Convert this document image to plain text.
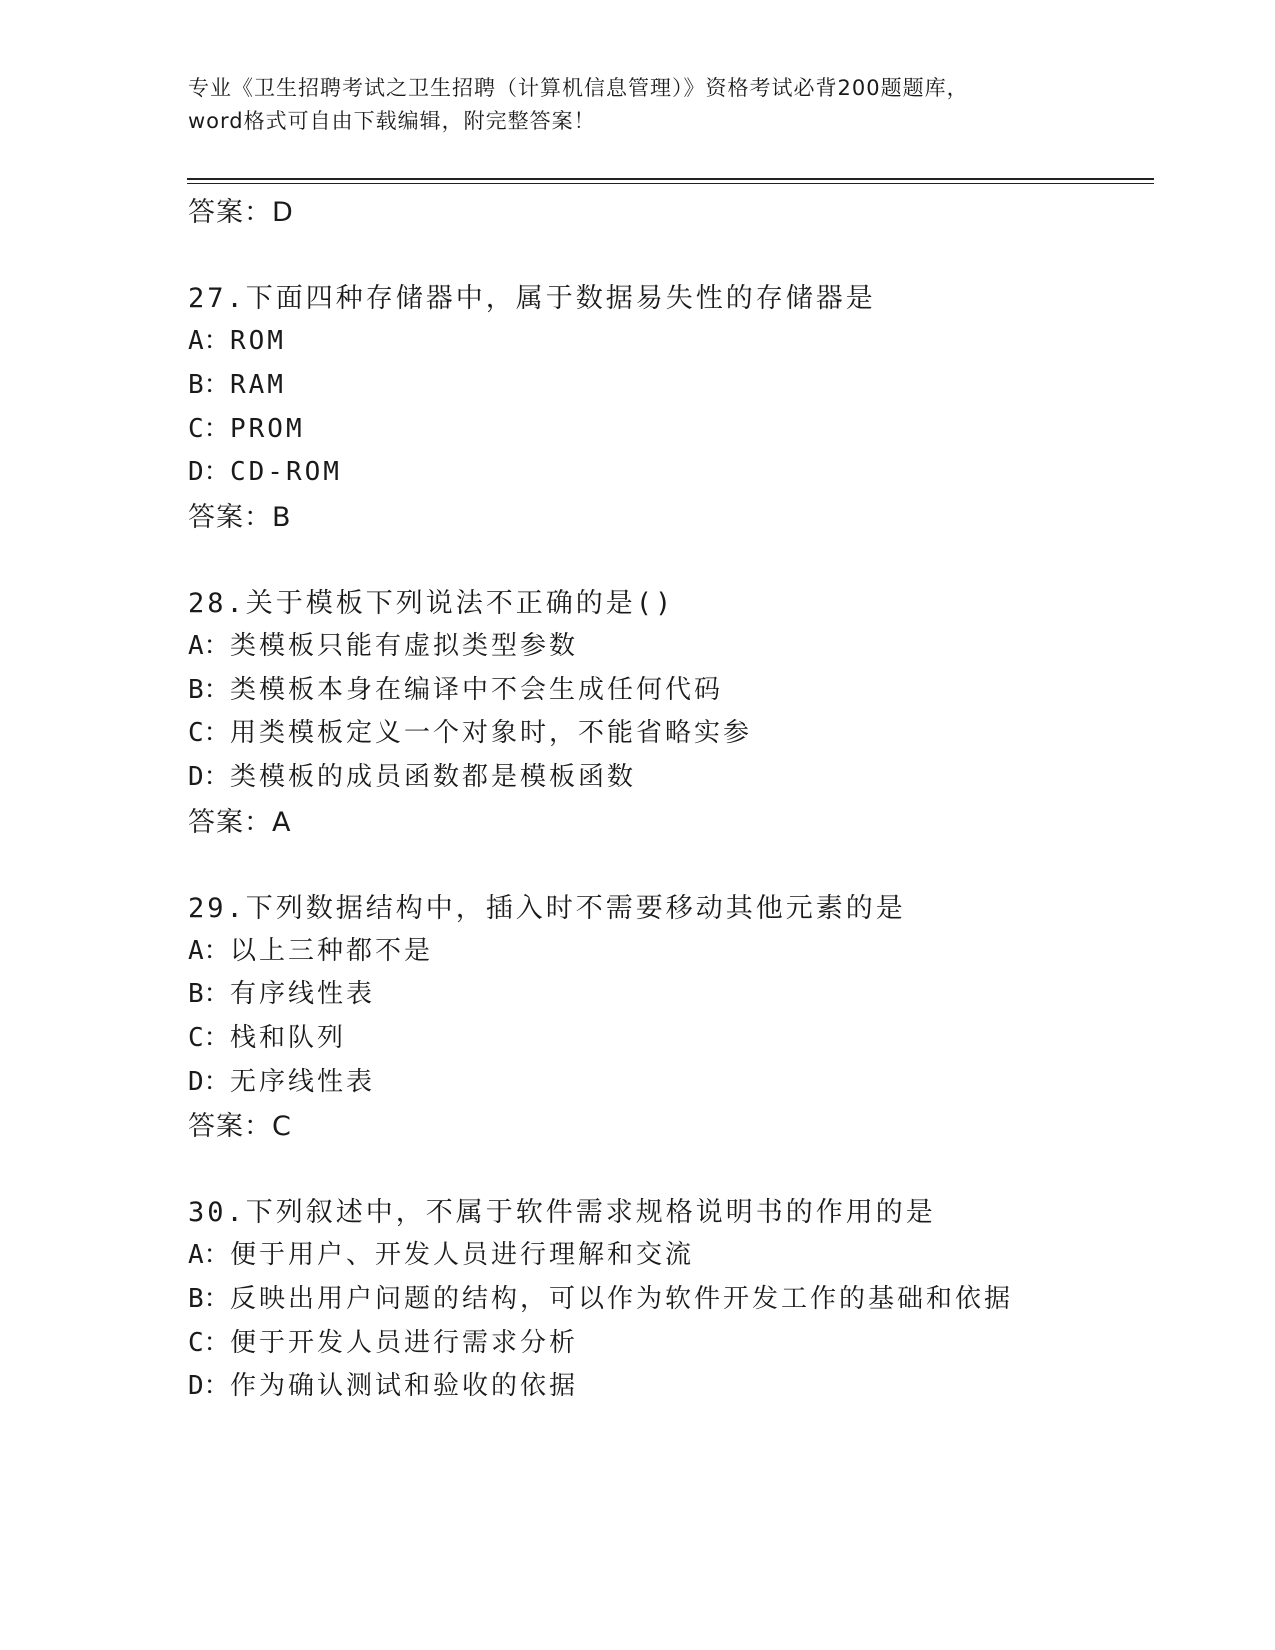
专业《卫生招聘考试之卫生招聘（计算机信息管理）》资格考试必背200题题库，
word格式可自由下载编辑，附完整答案！
答案：D
27.下面四种存储器中，属于数据易失性的存储器是
A：ROM
B：RAM
C：PROM
D：CD-ROM
答案：B
28.关于模板下列说法不正确的是()
A：类模板只能有虚拟类型参数
B：类模板本身在编译中不会生成任何代码
C：用类模板定义一个对象时，不能省略实参
D：类模板的成员函数都是模板函数
答案：A
29.下列数据结构中，插入时不需要移动其他元素的是
A：以上三种都不是
B：有序线性表
C：栈和队列
D：无序线性表
答案：C
30.下列叙述中，不属于软件需求规格说明书的作用的是
A：便于用户、开发人员进行理解和交流
B：反映出用户问题的结构，可以作为软件开发工作的基础和依据
C：便于开发人员进行需求分析
D：作为确认测试和验收的依据
